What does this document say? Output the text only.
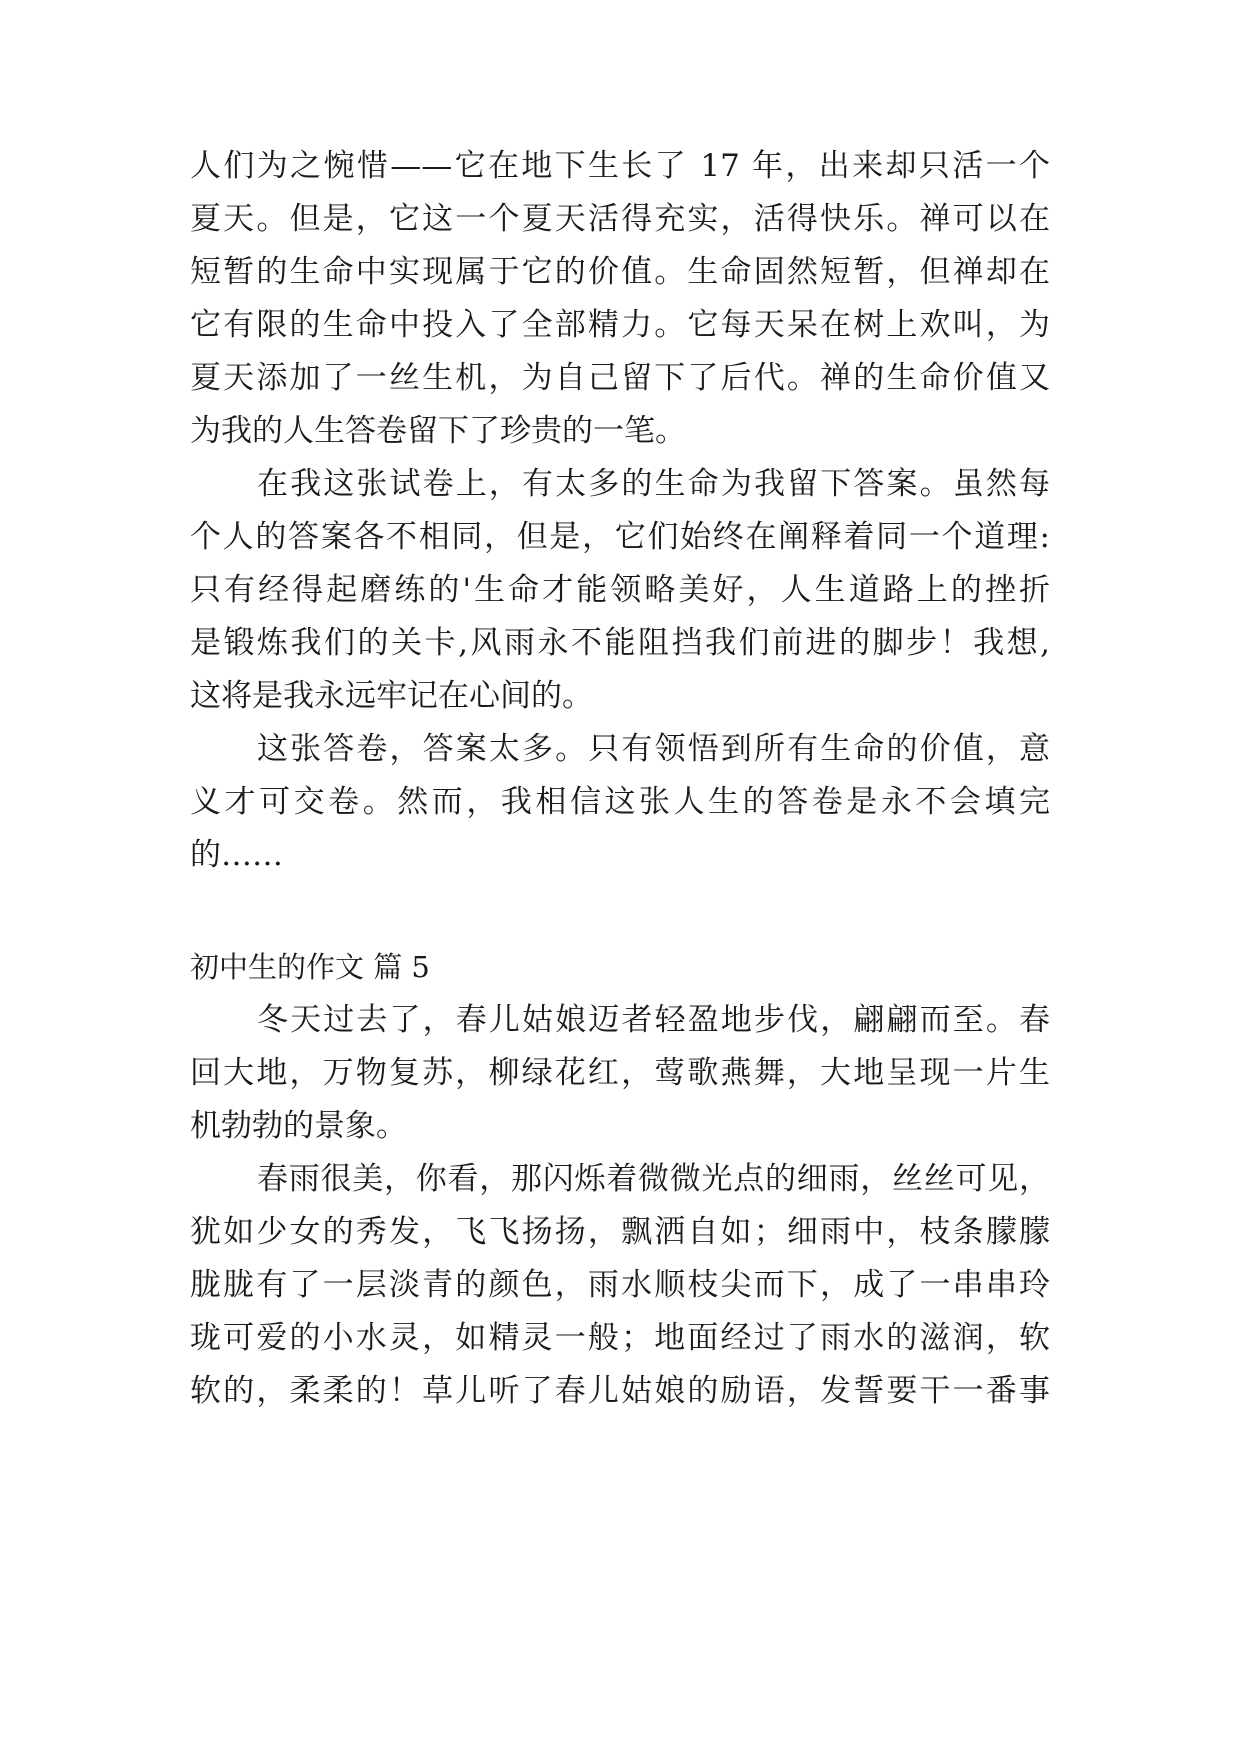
人们为之惋惜——它在地下生长了 17 年，出来却只活一个
夏天。但是，它这一个夏天活得充实，活得快乐。禅可以在
短暂的生命中实现属于它的价值。生命固然短暂，但禅却在
它有限的生命中投入了全部精力。它每天呆在树上欢叫，为
夏天添加了一丝生机，为自己留下了后代。禅的生命价值又
为我的人生答卷留下了珍贵的一笔。
在我这张试卷上，有太多的生命为我留下答案。虽然每
个人的答案各不相同，但是，它们始终在阐释着同一个道理:
只有经得起磨练的'生命才能领略美好，人生道路上的挫折
是锻炼我们的关卡,风雨永不能阻挡我们前进的脚步！我想,
这将是我永远牢记在心间的。
这张答卷，答案太多。只有领悟到所有生命的价值，意
义才可交卷。然而，我相信这张人生的答卷是永不会填完
的……
初中生的作文 篇 5
冬天过去了，春儿姑娘迈者轻盈地步伐，翩翩而至。春
回大地，万物复苏，柳绿花红，莺歌燕舞，大地呈现一片生
机勃勃的景象。
春雨很美，你看，那闪烁着微微光点的细雨，丝丝可见，
犹如少女的秀发，飞飞扬扬，飘洒自如；细雨中，枝条朦朦
胧胧有了一层淡青的颜色，雨水顺枝尖而下，成了一串串玲
珑可爱的小水灵，如精灵一般；地面经过了雨水的滋润，软
软的，柔柔的！草儿听了春儿姑娘的励语，发誓要干一番事
